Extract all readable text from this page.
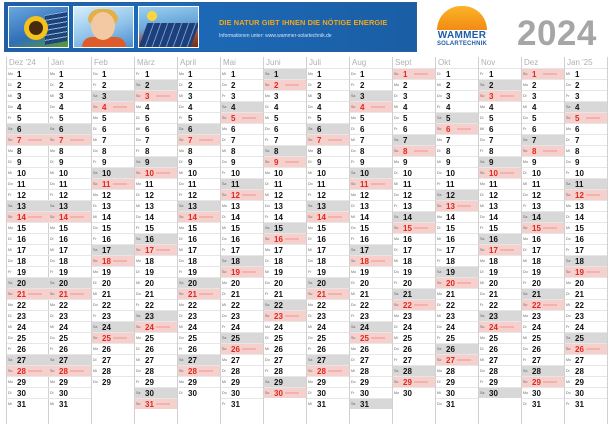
DIE NATUR GIBT IHNEN DIE NÖTIGE ENERGIE
Informationen unter: www.wammer-solartechnik.de	WAMMER
SOLARTECHNIK 2024
Dez '24
Mo 1
Di 2
Mi 3
Do 4
Fr 5
Sa 6
So 7
Mo 8
Di 9
Mi 10
Do 11
Fr 12
Sa 13
So 14
Mo 15
Di 16
Mi 17
Do 18
Fr 19
Sa 20
So 21
Mo 22
Di 23
Mi 24
Do 25
Fr 26
Sa 27
So 28
Mo 29
Di 30
Mi 31
Jan
Mo 1
Di 2
Mi 3
Do 4
Fr 5
Sa 6
So 7
Mo 8
Di 9
Mi 10
Do 11
Fr 12
Sa 13
So 14
Mo 15
Di 16
Mi 17
Do 18
Fr 19
Sa 20
So 21
Mo 22
Di 23
Mi 24
Do 25
Fr 26
Sa 27
So 28
Mo 29
Di 30
Mi 31
Feb
Do 1
Fr 2
Sa 3
So 4
Mo 5
Di 6
Mi 7
Do 8
Fr 9
Sa 10
So 11
Mo 12
Di 13
Mi 14
Do 15
Fr 16
Sa 17
So 18
Mo 19
Di 20
Mi 21
Do 22
Fr 23
Sa 24
So 25
Mo 26
Di 27
Mi 28
Do 29
März
Fr 1
Sa 2
So 3
Mo 4
Di 5
Mi 6
Do 7
Fr 8
Sa 9
So 10
Mo 11
Di 12
Mi 13
Do 14
Fr 15
Sa 16
So 17
Mo 18
Di 19
Mi 20
Do 21
Fr 22
Sa 23
So 24
Mo 25
Di 26
Mi 27
Do 28
Fr 29
Sa 30
So 31
April
Mo 1
Di 2
Mi 3
Do 4
Fr 5
Sa 6
So 7
Mo 8
Di 9
Mi 10
Do 11
Fr 12
Sa 13
So 14
Mo 15
Di 16
Mi 17
Do 18
Fr 19
Sa 20
So 21
Mo 22
Di 23
Mi 24
Do 25
Fr 26
Sa 27
So 28
Mo 29
Di 30
Mai
Mi 1
Do 2
Fr 3
Sa 4
So 5
Mo 6
Di 7
Mi 8
Do 9
Fr 10
Sa 11
So 12
Mo 13
Di 14
Mi 15
Do 16
Fr 17
Sa 18
So 19
Mo 20
Di 21
Mi 22
Do 23
Fr 24
Sa 25
So 26
Mo 27
Di 28
Mi 29
Do 30
Fr 31
Juni
Sa 1
So 2
Mo 3
Di 4
Mi 5
Do 6
Fr 7
Sa 8
So 9
Mo 10
Di 11
Mi 12
Do 13
Fr 14
Sa 15
So 16
Mo 17
Di 18
Mi 19
Do 20
Fr 21
Sa 22
So 23
Mo 24
Di 25
Mi 26
Do 27
Fr 28
Sa 29
So 30
Juli
Mo 1
Di 2
Mi 3
Do 4
Fr 5
Sa 6
So 7
Mo 8
Di 9
Mi 10
Do 11
Fr 12
Sa 13
So 14
Mo 15
Di 16
Mi 17
Do 18
Fr 19
Sa 20
So 21
Mo 22
Di 23
Mi 24
Do 25
Fr 26
Sa 27
So 28
Mo 29
Di 30
Mi 31
Aug
Do 1
Fr 2
Sa 3
So 4
Mo 5
Di 6
Mi 7
Do 8
Fr 9
Sa 10
So 11
Mo 12
Di 13
Mi 14
Do 15
Fr 16
Sa 17
So 18
Mo 19
Di 20
Mi 21
Do 22
Fr 23
Sa 24
So 25
Mo 26
Di 27
Mi 28
Do 29
Fr 30
Sa 31
Sept
So 1
Mo 2
Di 3
Mi 4
Do 5
Fr 6
Sa 7
So 8
Mo 9
Di 10
Mi 11
Do 12
Fr 13
Sa 14
So 15
Mo 16
Di 17
Mi 18
Do 19
Fr 20
Sa 21
So 22
Mo 23
Di 24
Mi 25
Do 26
Fr 27
Sa 28
So 29
Mo 30
Okt
Di 1
Mi 2
Do 3
Fr 4
Sa 5
So 6
Mo 7
Di 8
Mi 9
Do 10
Fr 11
Sa 12
So 13
Mo 14
Di 15
Mi 16
Do 17
Fr 18
Sa 19
So 20
Mo 21
Di 22
Mi 23
Do 24
Fr 25
Sa 26
So 27
Mo 28
Di 29
Mi 30
Do 31
Nov
Fr 1
Sa 2
So 3
Mo 4
Di 5
Mi 6
Do 7
Fr 8
Sa 9
So 10
Mo 11
Di 12
Mi 13
Do 14
Fr 15
Sa 16
So 17
Mo 18
Di 19
Mi 20
Do 21
Fr 22
Sa 23
So 24
Mo 25
Di 26
Mi 27
Do 28
Fr 29
Sa 30
Dez
So 1
Mo 2
Di 3
Mi 4
Do 5
Fr 6
Sa 7
So 8
Mo 9
Di 10
Mi 11
Do 12
Fr 13
Sa 14
So 15
Mo 16
Di 17
Mi 18
Do 19
Fr 20
Sa 21
So 22
Mo 23
Di 24
Mi 25
Do 26
Fr 27
Sa 28
So 29
Mo 30
Di 31
Jan '25
Mi 1
Do 2
Fr 3
Sa 4
So 5
Mo 6
Di 7
Mi 8
Do 9
Fr 10
Sa 11
So 12
Mo 13
Di 14
Mi 15
Do 16
Fr 17
Sa 18
So 19
Mo 20
Di 21
Mi 22
Do 23
Fr 24
Sa 25
So 26
Mo 27
Di 28
Mi 29
Do 30
Fr 31
